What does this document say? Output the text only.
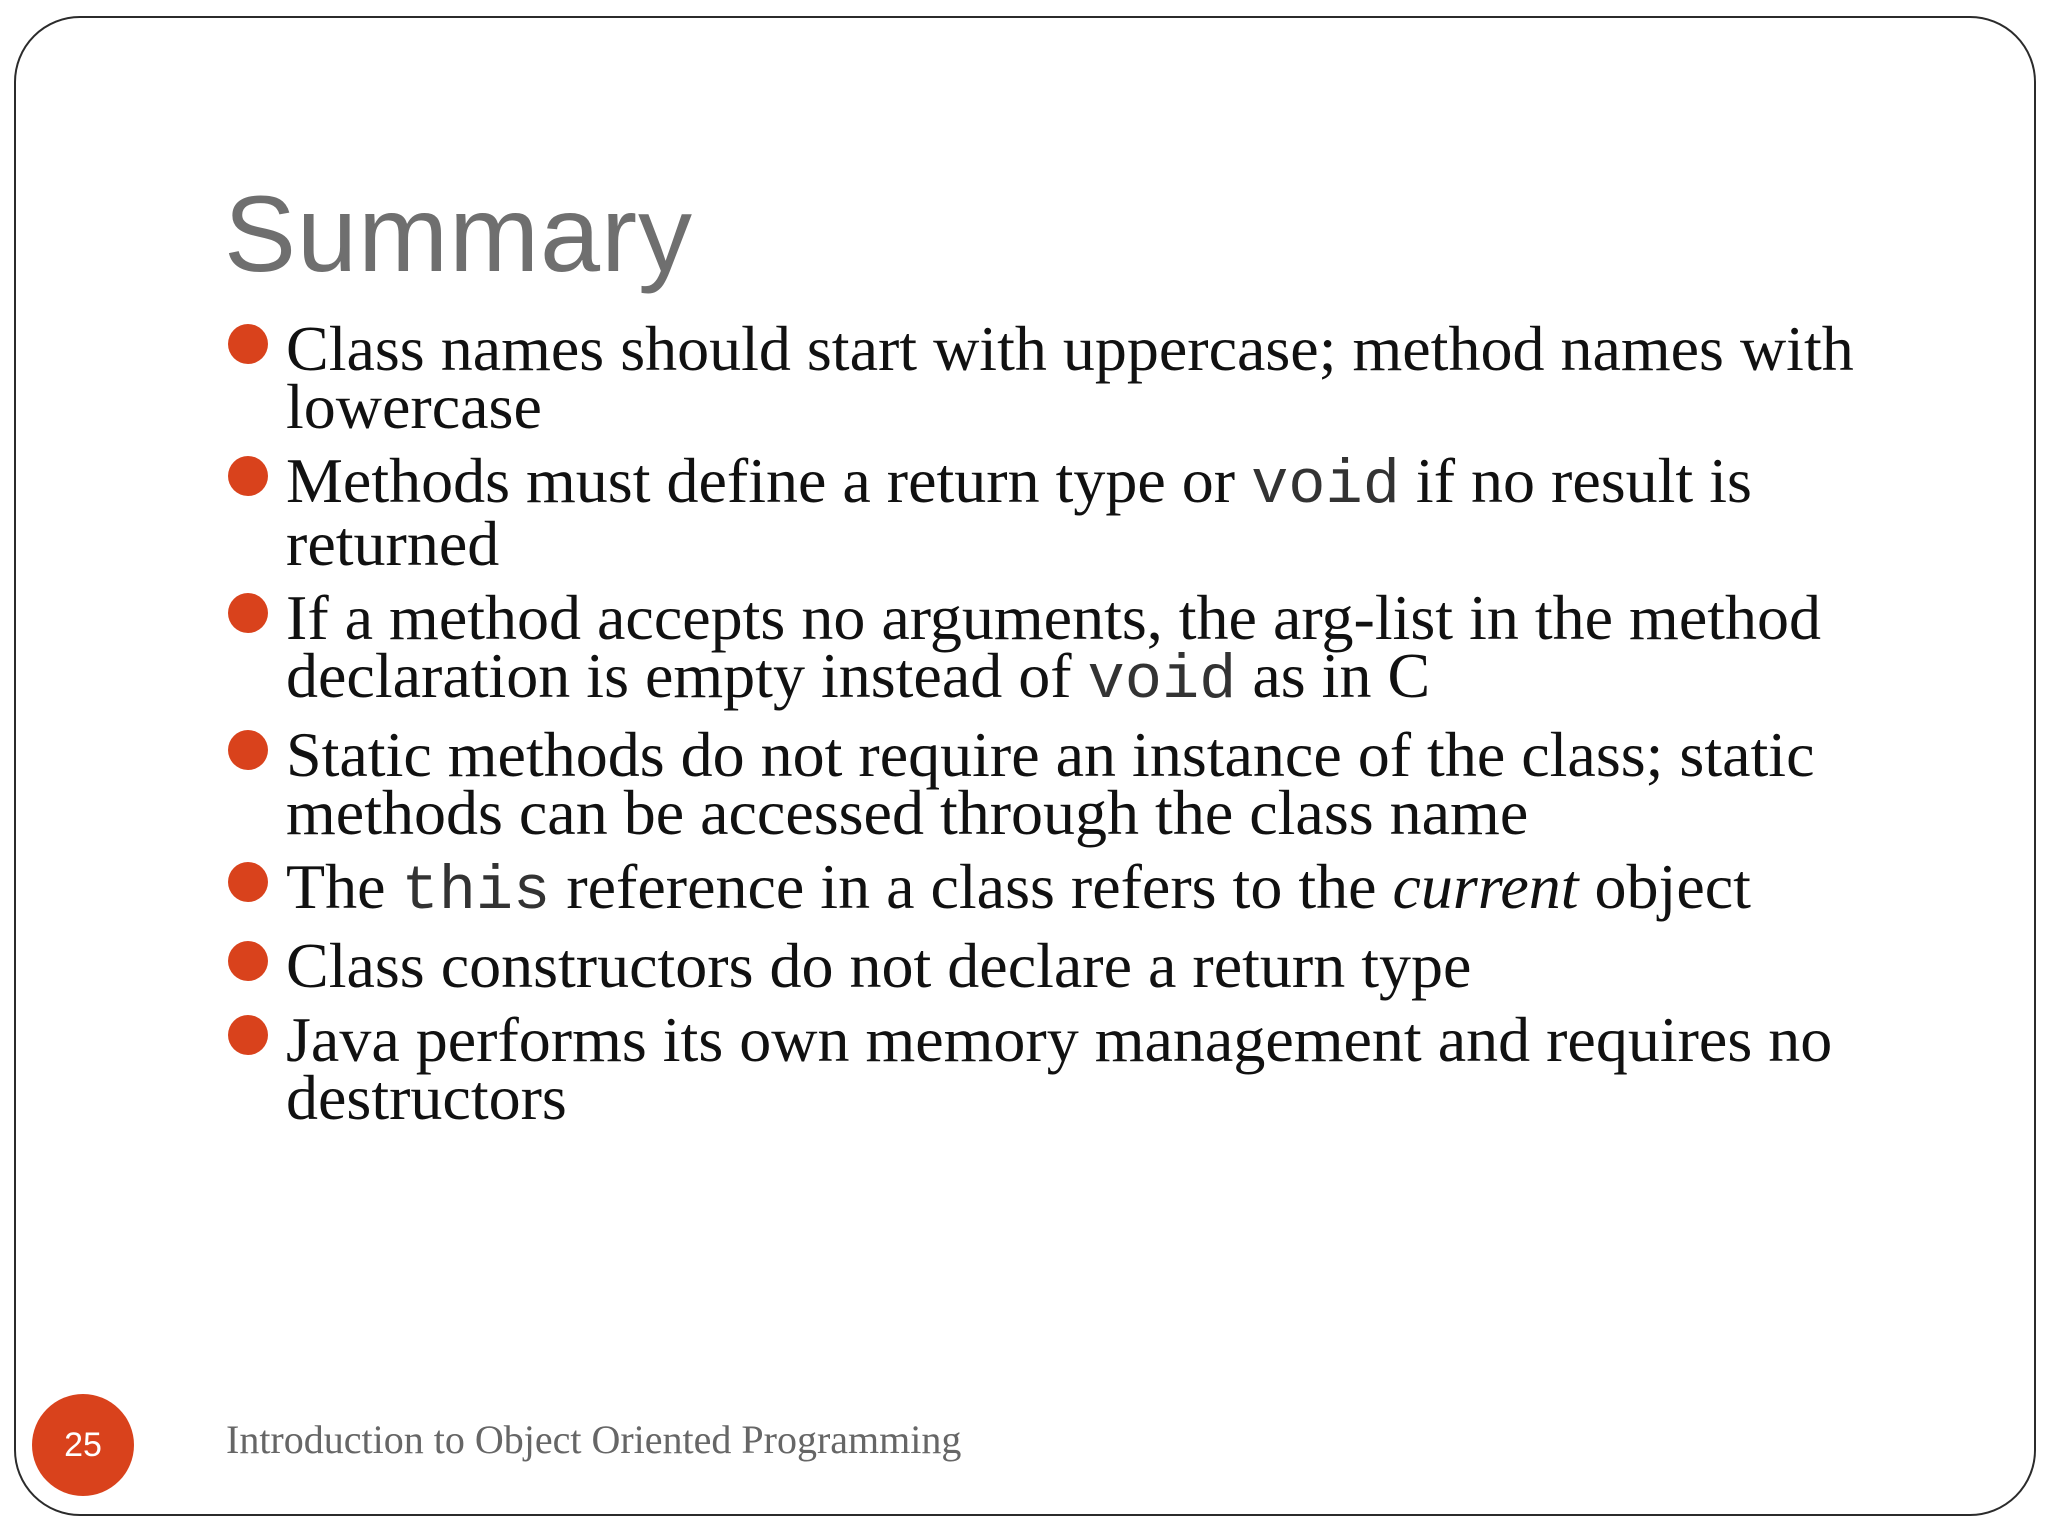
Summary
Class names should start with uppercase; method names with lowercase
Methods must define a return type or void if no result is returned
If a method accepts no arguments, the arg-list in the method declaration is empty instead of void as in C
Static methods do not require an instance of the class; static methods can be accessed through the class name
The this reference in a class refers to the current object
Class constructors do not declare a return type
Java performs its own memory management and requires no destructors
25	Introduction to Object Oriented Programming
